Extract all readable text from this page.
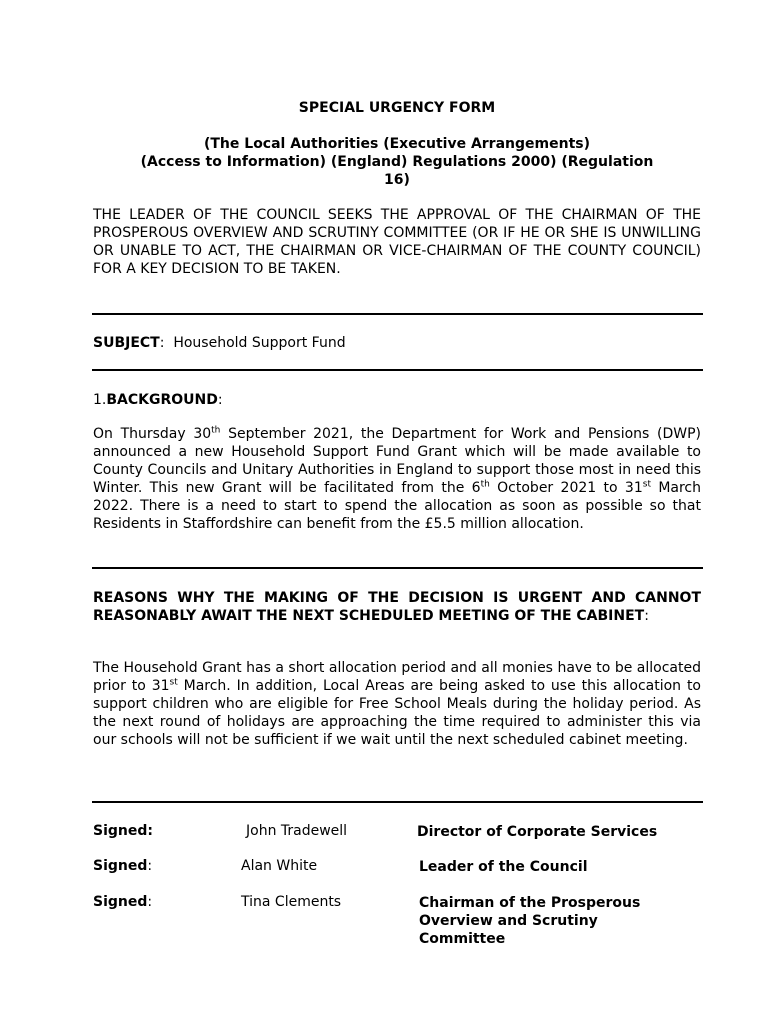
SPECIAL URGENCY FORM
(The Local Authorities (Executive Arrangements)
(Access to Information) (England) Regulations 2000) (Regulation
16)
THE LEADER OF THE COUNCIL SEEKS THE APPROVAL OF THE CHAIRMAN OF THE PROSPEROUS OVERVIEW AND SCRUTINY COMMITTEE (OR IF HE OR SHE IS UNWILLING OR UNABLE TO ACT, THE CHAIRMAN OR VICE-CHAIRMAN OF THE COUNTY COUNCIL) FOR A KEY DECISION TO BE TAKEN.
SUBJECT: Household Support Fund
1.BACKGROUND:
On Thursday 30th September 2021, the Department for Work and Pensions (DWP) announced a new Household Support Fund Grant which will be made available to County Councils and Unitary Authorities in England to support those most in need this Winter. This new Grant will be facilitated from the 6th October 2021 to 31st March 2022. There is a need to start to spend the allocation as soon as possible so that Residents in Staffordshire can benefit from the £5.5 million allocation.
REASONS WHY THE MAKING OF THE DECISION IS URGENT AND CANNOT REASONABLY AWAIT THE NEXT SCHEDULED MEETING OF THE CABINET:
The Household Grant has a short allocation period and all monies have to be allocated prior to 31st March. In addition, Local Areas are being asked to use this allocation to support children who are eligible for Free School Meals during the holiday period. As the next round of holidays are approaching the time required to administer this via our schools will not be sufficient if we wait until the next scheduled cabinet meeting.
Signed:	John Tradewell	Director of Corporate Services
Signed:	Alan White	Leader of the Council
Signed:	Tina Clements	Chairman of the Prosperous Overview and Scrutiny Committee
